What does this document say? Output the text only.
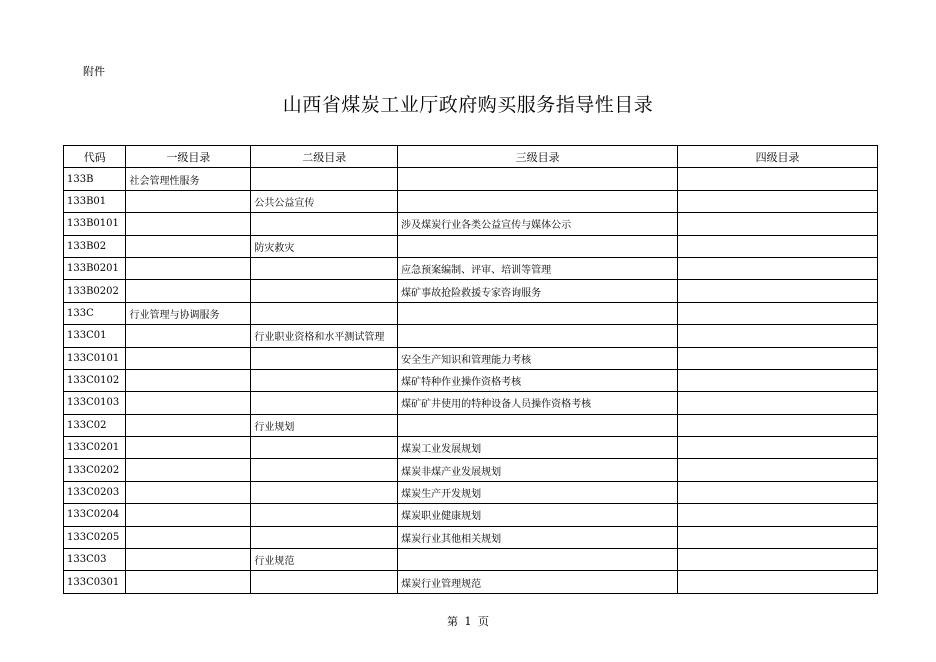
附件
山西省煤炭工业厅政府购买服务指导性目录
代码	一级目录	二级目录	三级目录	四级目录
133B	社会管理性服务			
133B01		公共公益宣传		
133B0101			涉及煤炭行业各类公益宣传与媒体公示	
133B02		防灾救灾		
133B0201			应急预案编制、评审、培训等管理	
133B0202			煤矿事故抢险救援专家咨询服务	
133C	行业管理与协调服务			
133C01		行业职业资格和水平测试管理		
133C0101			安全生产知识和管理能力考核	
133C0102			煤矿特种作业操作资格考核	
133C0103			煤矿矿井使用的特种设备人员操作资格考核	
133C02		行业规划		
133C0201			煤炭工业发展规划	
133C0202			煤炭非煤产业发展规划	
133C0203			煤炭生产开发规划	
133C0204			煤炭职业健康规划	
133C0205			煤炭行业其他相关规划	
133C03		行业规范		
133C0301			煤炭行业管理规范	
第 1 页
